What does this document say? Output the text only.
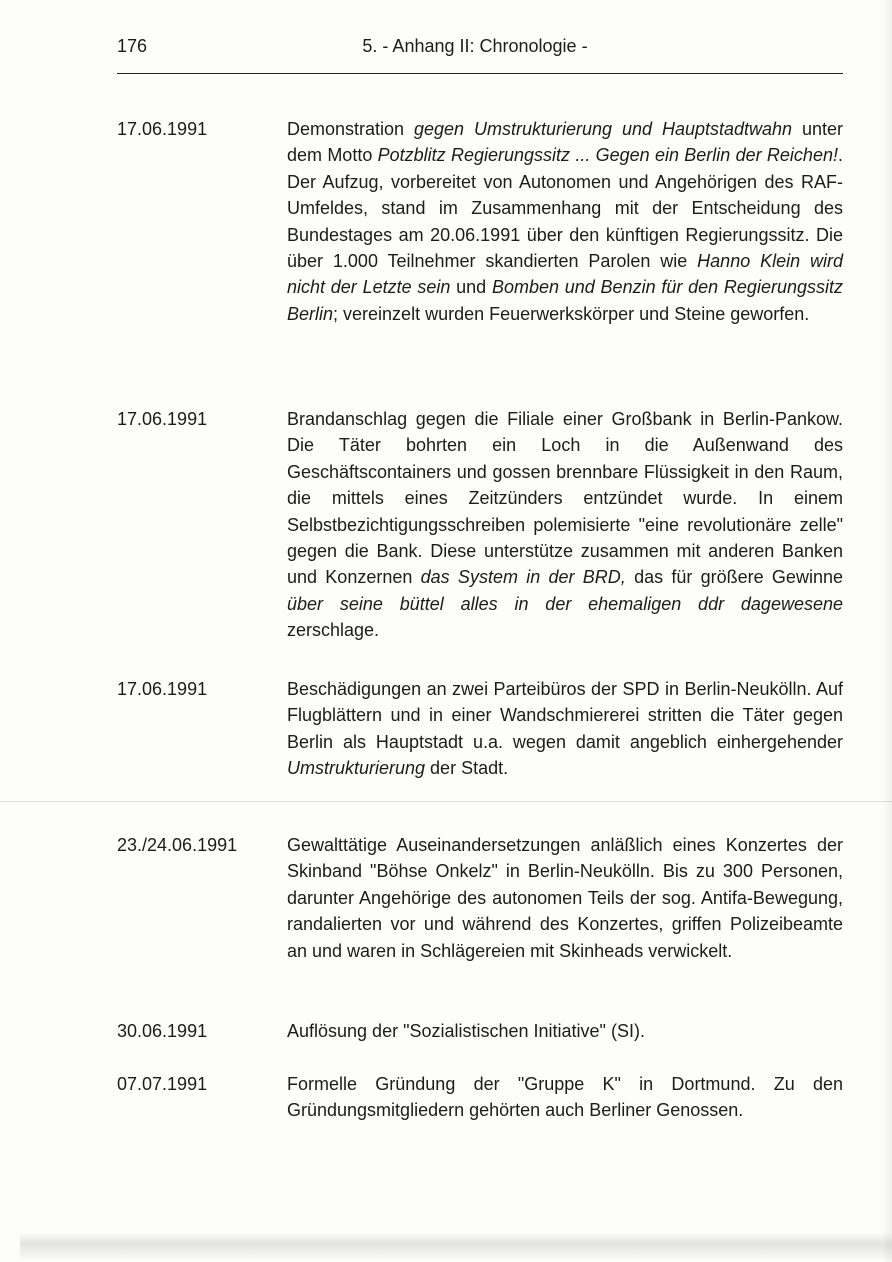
176	5. - Anhang II: Chronologie -
17.06.1991	Demonstration gegen Umstrukturierung und Hauptstadtwahn unter dem Motto Potzblitz Regierungssitz ... Gegen ein Berlin der Reichen!. Der Aufzug, vorbereitet von Autonomen und Angehörigen des RAF-Umfeldes, stand im Zusammenhang mit der Entscheidung des Bundestages am 20.06.1991 über den künftigen Regierungssitz. Die über 1.000 Teilnehmer skandierten Parolen wie Hanno Klein wird nicht der Letzte sein und Bomben und Benzin für den Regierungssitz Berlin; vereinzelt wurden Feuerwerkskörper und Steine geworfen.
17.06.1991	Brandanschlag gegen die Filiale einer Großbank in Berlin-Pankow. Die Täter bohrten ein Loch in die Außenwand des Geschäftscontainers und gossen brennbare Flüssigkeit in den Raum, die mittels eines Zeitzünders entzündet wurde. In einem Selbstbezichtigungsschreiben polemisierte "eine revolutionäre zelle" gegen die Bank. Diese unterstütze zusammen mit anderen Banken und Konzernen das System in der BRD, das für größere Gewinne über seine büttel alles in der ehemaligen ddr dagewesene zerschlage.
17.06.1991	Beschädigungen an zwei Parteibüros der SPD in Berlin-Neukölln. Auf Flugblättern und in einer Wandschmiererei stritten die Täter gegen Berlin als Hauptstadt u.a. wegen damit angeblich einhergehender Umstrukturierung der Stadt.
23./24.06.1991	Gewalttätige Auseinandersetzungen anläßlich eines Konzertes der Skinband "Böhse Onkelz" in Berlin-Neukölln. Bis zu 300 Personen, darunter Angehörige des autonomen Teils der sog. Antifa-Bewegung, randalierten vor und während des Konzertes, griffen Polizeibeamte an und waren in Schlägereien mit Skinheads verwickelt.
30.06.1991	Auflösung der "Sozialistischen Initiative" (SI).
07.07.1991	Formelle Gründung der "Gruppe K" in Dortmund. Zu den Gründungsmitgliedern gehörten auch Berliner Genossen.
